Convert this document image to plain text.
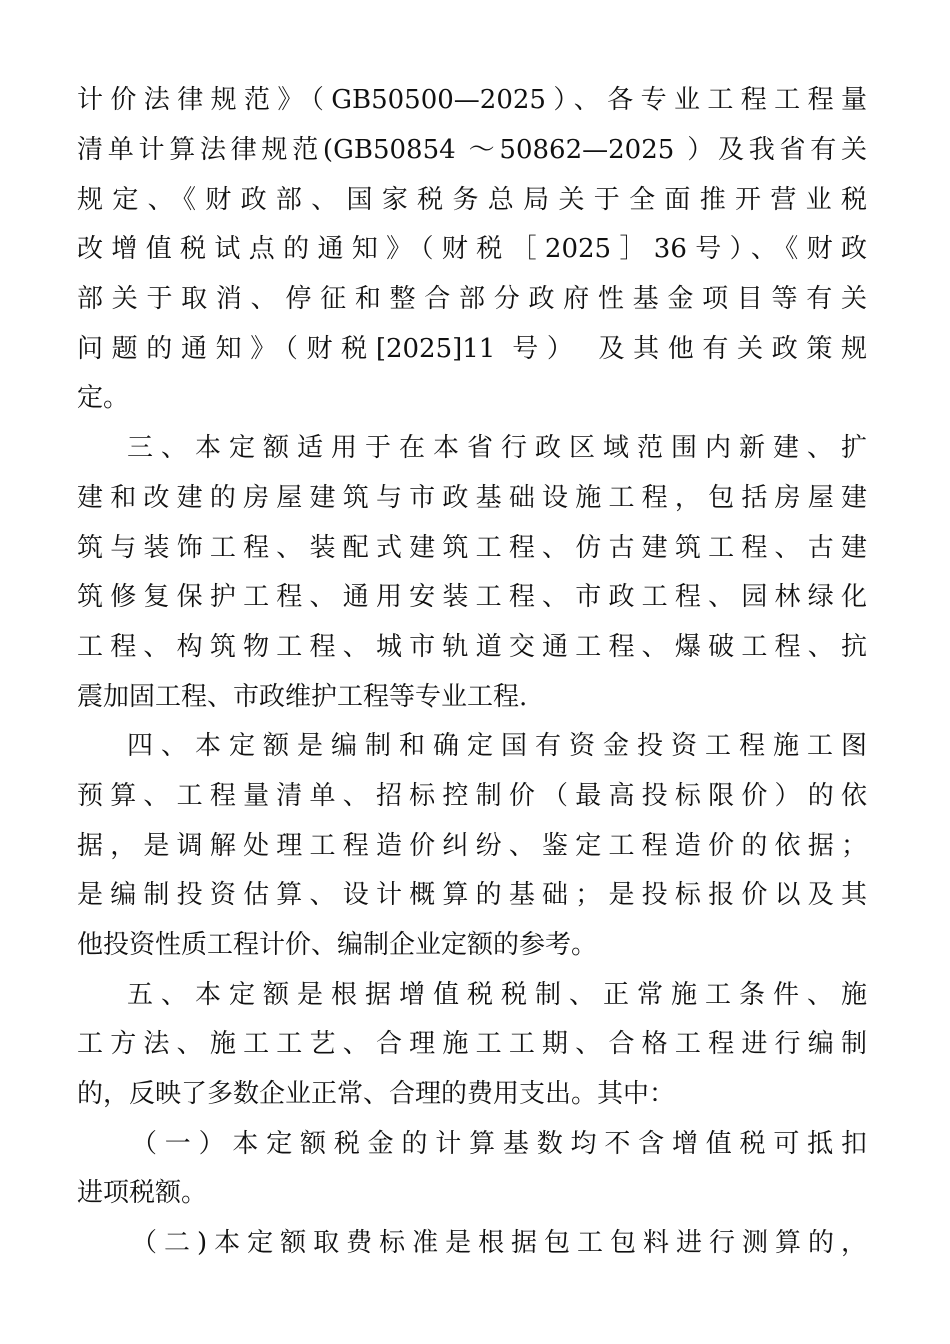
计价法律规范》（GB50500—2025）、各专业工程工程量
清单计算法律规范(GB50854 ～50862—2025 ）及我省有关
规定、《财政部、国家税务总局关于全面推开营业税
改增值税试点的通知》（财税［2025］36号）、《财政
部关于取消、停征和整合部分政府性基金项目等有关
问题的通知》（财税[2025]11 号） 及其他有关政策规
定。
三、本定额适用于在本省行政区域范围内新建、扩
建和改建的房屋建筑与市政基础设施工程，包括房屋建
筑与装饰工程、装配式建筑工程、仿古建筑工程、古建
筑修复保护工程、通用安装工程、市政工程、园林绿化
工程、构筑物工程、城市轨道交通工程、爆破工程、抗
震加固工程、市政维护工程等专业工程.
四、本定额是编制和确定国有资金投资工程施工图
预算、工程量清单、招标控制价（最高投标限价）的依
据，是调解处理工程造价纠纷、鉴定工程造价的依据；
是编制投资估算、设计概算的基础；是投标报价以及其
他投资性质工程计价、编制企业定额的参考。
五、本定额是根据增值税税制、正常施工条件、施
工方法、施工工艺、合理施工工期、合格工程进行编制
的，反映了多数企业正常、合理的费用支出。其中：
（一）本定额税金的计算基数均不含增值税可抵扣
进项税额。
（二)本定额取费标准是根据包工包料进行测算的，
